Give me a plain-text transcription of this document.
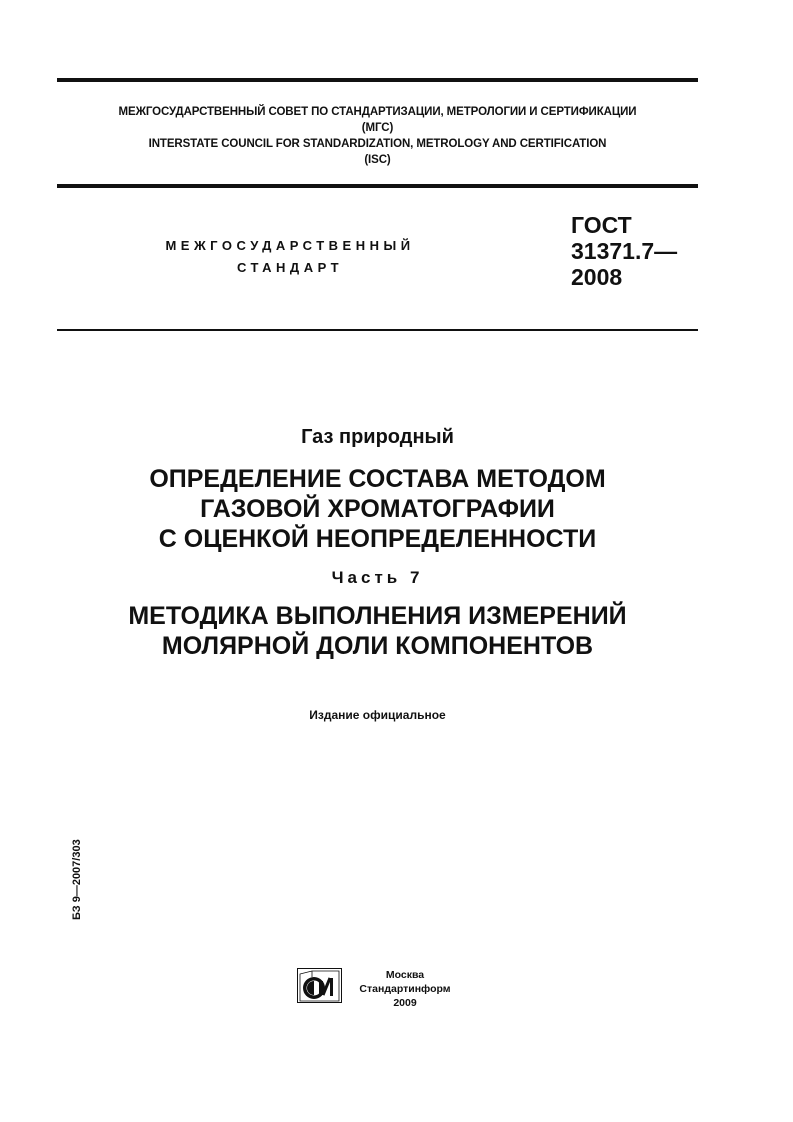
МЕЖГОСУДАРСТВЕННЫЙ СОВЕТ ПО СТАНДАРТИЗАЦИИ, МЕТРОЛОГИИ И СЕРТИФИКАЦИИ
(МГС)
INTERSTATE COUNCIL FOR STANDARDIZATION, METROLOGY AND CERTIFICATION
(ISC)
МЕЖГОСУДАРСТВЕННЫЙ
СТАНДАРТ
ГОСТ
31371.7—
2008
Газ природный
ОПРЕДЕЛЕНИЕ СОСТАВА МЕТОДОМ
ГАЗОВОЙ ХРОМАТОГРАФИИ
С ОЦЕНКОЙ НЕОПРЕДЕЛЕННОСТИ
Часть 7
МЕТОДИКА ВЫПОЛНЕНИЯ ИЗМЕРЕНИЙ
МОЛЯРНОЙ ДОЛИ КОМПОНЕНТОВ
Издание официальное
БЗ 9—2007/303
Москва
Стандартинформ
2009
